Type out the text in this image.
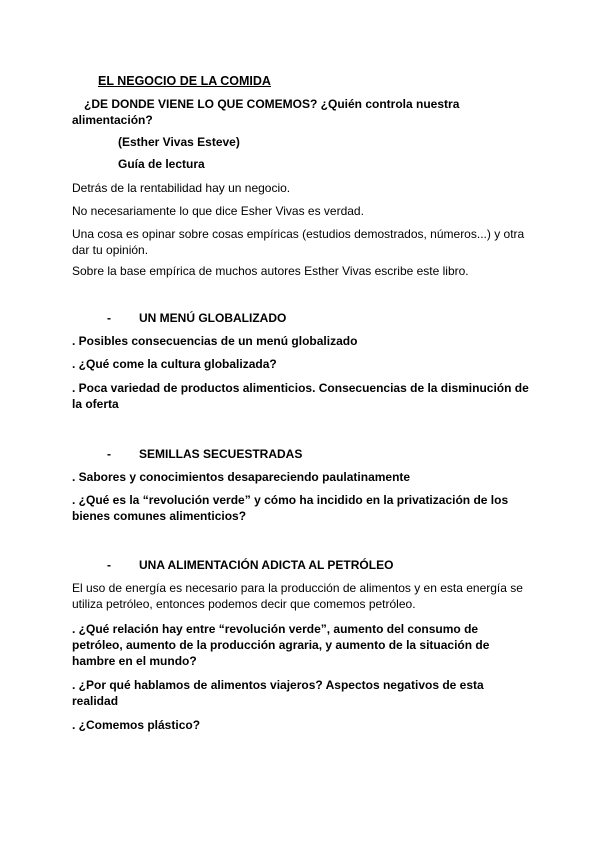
EL NEGOCIO DE LA COMIDA

¿DE DONDE VIENE LO QUE COMEMOS? ¿Quién controla nuestra alimentación?

(Esther Vivas Esteve)

Guía de lectura

Detrás de la rentabilidad hay un negocio.

No necesariamente lo que dice Esher Vivas es verdad.

Una cosa es opinar sobre cosas empíricas (estudios demostrados, números...) y otra dar tu opinión.

Sobre la base empírica de muchos autores Esther Vivas escribe este libro.

- UN MENÚ GLOBALIZADO

. Posibles consecuencias de un menú globalizado

. ¿Qué come la cultura globalizada?

. Poca variedad de productos alimenticios. Consecuencias de la disminución de la oferta

- SEMILLAS SECUESTRADAS

. Sabores y conocimientos desapareciendo paulatinamente

. ¿Qué es la “revolución verde” y cómo ha incidido en la privatización de los bienes comunes alimenticios?

- UNA ALIMENTACIÓN ADICTA AL PETRÓLEO

El uso de energía es necesario para la producción de alimentos y en esta energía se utiliza petróleo, entonces podemos decir que comemos petróleo.

. ¿Qué relación hay entre “revolución verde”, aumento del consumo de petróleo, aumento de la producción agraria, y aumento de la situación de hambre en el mundo?

. ¿Por qué hablamos de alimentos viajeros? Aspectos negativos de esta realidad

. ¿Comemos plástico?
